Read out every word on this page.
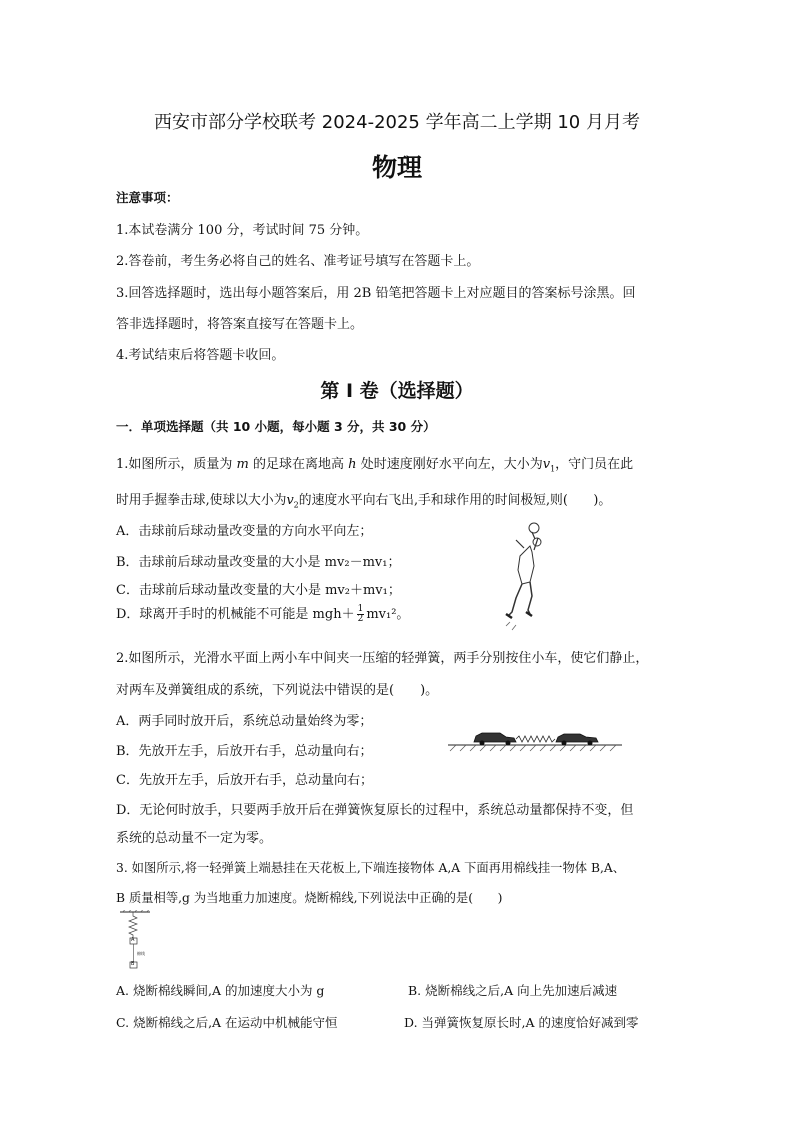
西安市部分学校联考 2024-2025 学年高二上学期 10 月月考
物理
注意事项：
1.本试卷满分 100 分，考试时间 75 分钟。
2.答卷前，考生务必将自己的姓名、准考证号填写在答题卡上。
3.回答选择题时，选出每小题答案后，用 2B 铅笔把答题卡上对应题目的答案标号涂黑。回
答非选择题时，将答案直接写在答题卡上。
4.考试结束后将答题卡收回。
第 I 卷（选择题）
一．单项选择题（共 10 小题，每小题 3 分，共 30 分）
1.如图所示，质量为 m 的足球在离地高 h 处时速度刚好水平向左，大小为$v_1$，守门员在此
时用手握拳击球,使球以大小为$v_2$的速度水平向右飞出,手和球作用的时间极短,则(　　)。
A．击球前后球动量改变量的方向水平向左；
B．击球前后球动量改变量的大小是 mv₂－mv₁；
C．击球前后球动量改变量的大小是 mv₂＋mv₁；
D．球离开手时的机械能不可能是 $mgh+ \frac{1}{2} mv_1^2$。
2.如图所示，光滑水平面上两小车中间夹一压缩的轻弹簧，两手分别按住小车，使它们静止，
对两车及弹簧组成的系统，下列说法中错误的是(　　)。
A．两手同时放开后，系统总动量始终为零；
B．先放开左手，后放开右手，总动量向右；
C．先放开左手，后放开右手，总动量向右；
D．无论何时放手，只要两手放开后在弹簧恢复原长的过程中，系统总动量都保持不变，但
系统的总动量不一定为零。
3. 如图所示,将一轻弹簧上端悬挂在天花板上,下端连接物体 A,A 下面再用棉线挂一物体 B,A、
B 质量相等,g 为当地重力加速度。烧断棉线,下列说法中正确的是(　　)
A
棉线
B
A. 烧断棉线瞬间,A 的加速度大小为 g	B. 烧断棉线之后,A 向上先加速后减速
C. 烧断棉线之后,A 在运动中机械能守恒	D. 当弹簧恢复原长时,A 的速度恰好减到零
